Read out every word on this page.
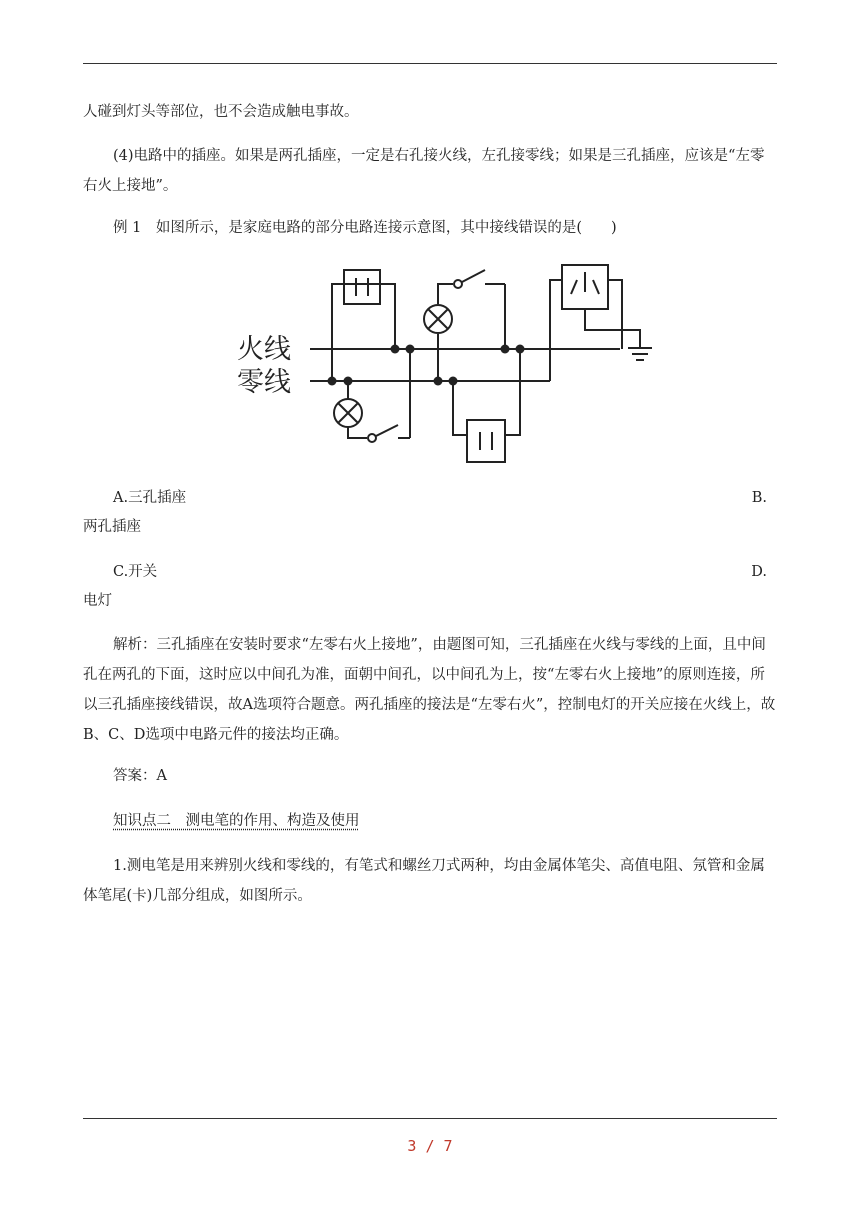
人碰到灯头等部位，也不会造成触电事故。

(4)电路中的插座。如果是两孔插座，一定是右孔接火线，左孔接零线；如果是三孔插座，应该是“左零右火上接地”。

例 1　如图所示，是家庭电路的部分电路连接示意图，其中接线错误的是(　　)

火线
零线
A.三孔插座	B.
两孔插座
C.开关	D.
电灯

解析：三孔插座在安装时要求“左零右火上接地”，由题图可知，三孔插座在火线与零线的上面，且中间孔在两孔的下面，这时应以中间孔为准，面朝中间孔，以中间孔为上，按“左零右火上接地”的原则连接，所以三孔插座接线错误，故A选项符合题意。两孔插座的接法是“左零右火”，控制电灯的开关应接在火线上，故B、C、D选项中电路元件的接法均正确。

答案：A

知识点二　测电笔的作用、构造及使用

1.测电笔是用来辨别火线和零线的，有笔式和螺丝刀式两种，均由金属体笔尖、高值电阻、氖管和金属体笔尾(卡)几部分组成，如图所示。

3 / 7
